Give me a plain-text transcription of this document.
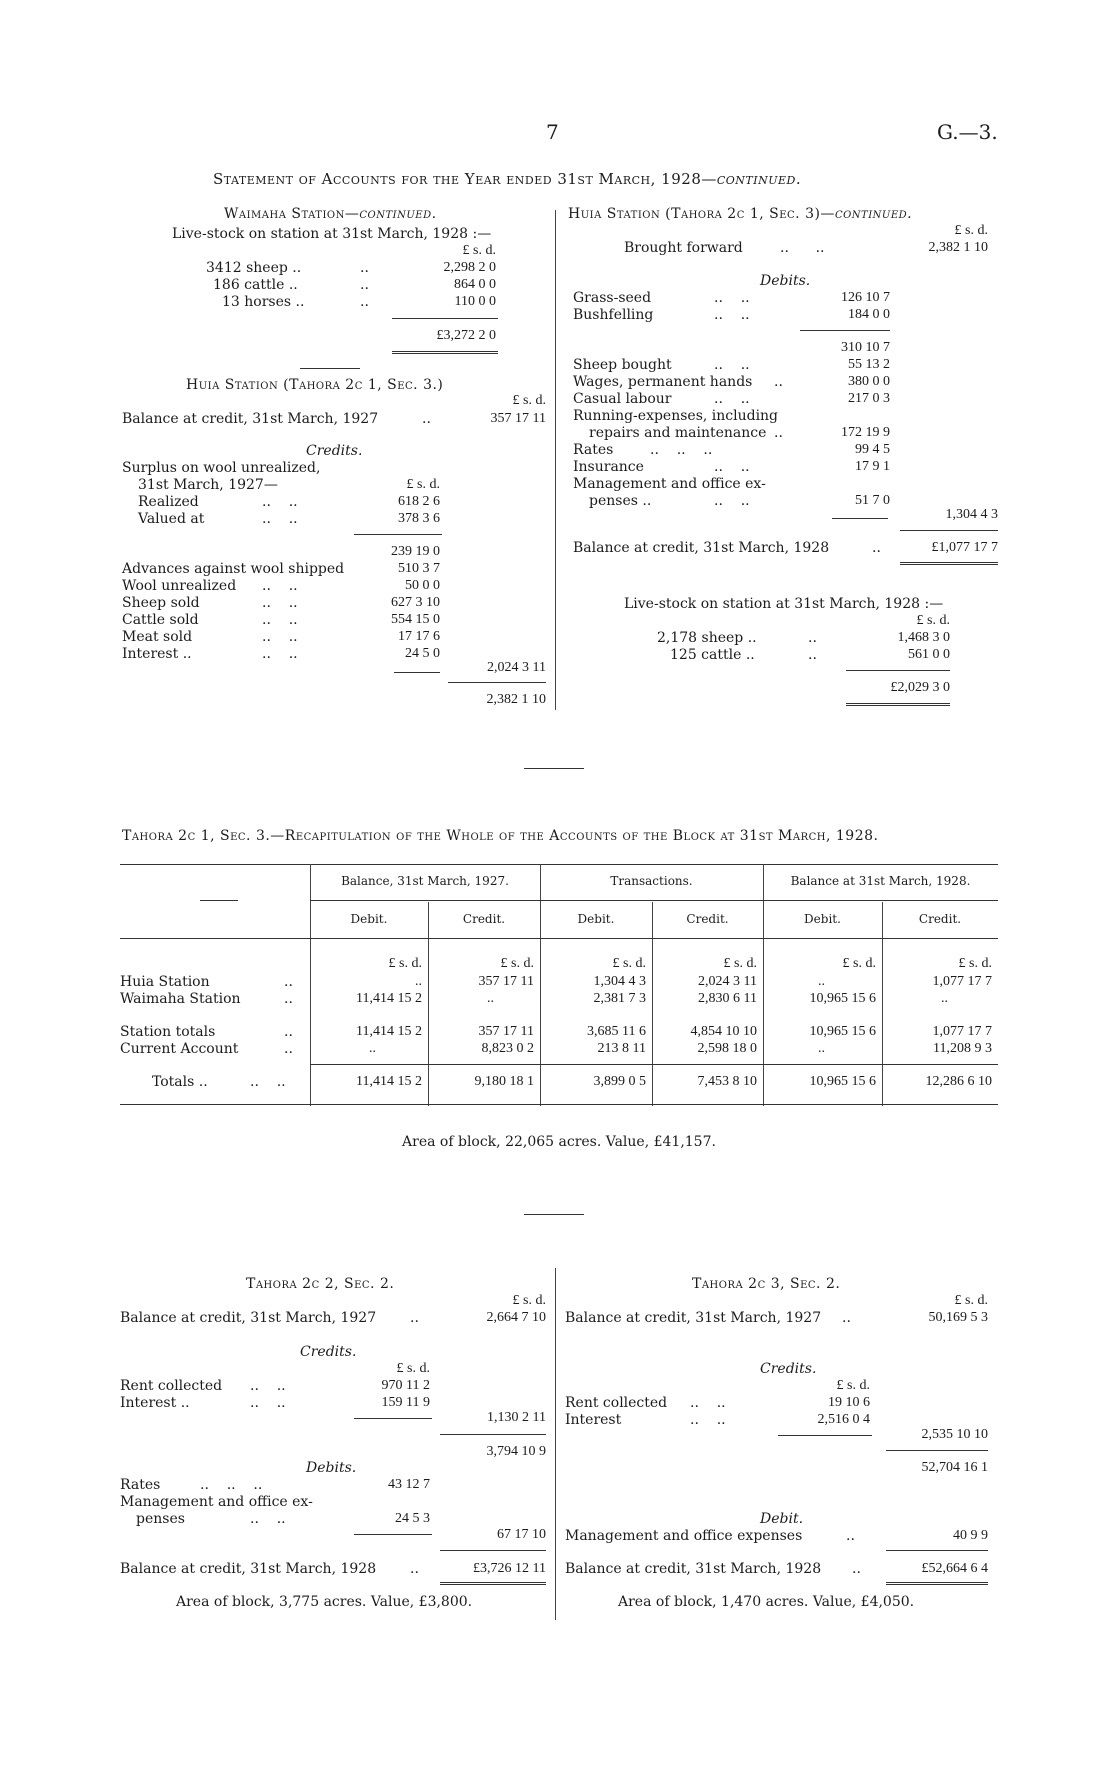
7	G.—3.
Statement of Accounts for the Year ended 31st March, 1928—continued.
Waimaha Station—continued.
Live-stock on station at 31st March, 1928 :—
£ s. d.
3412 sheep ..	..	2,298 2 0
186 cattle ..	..	864 0 0
13 horses ..	..	110 0 0
£3,272 2 0
Huia Station (Tahora 2c 1, Sec. 3.)
£ s. d.
Balance at credit, 31st March, 1927	..	357 17 11
Credits.
Surplus on wool unrealized,
31st March, 1927—	£ s. d.
Realized	..    ..	618 2 6
Valued at	..    ..	378 3 6
239 19 0
Advances against wool shipped	510 3 7
Wool unrealized ..    ..	50 0 0
Sheep sold	..    ..	627 3 10
Cattle sold	..    ..	554 15 0
Meat sold	..    ..	17 17 6
Interest ..	..    ..	24 5 0
2,024 3 11
2,382 1 10
Huia Station (Tahora 2c 1, Sec. 3)—continued.
£ s. d.
Brought forward	..      ..	2,382 1 10
Debits.
Grass-seed	..    ..	126 10 7
Bushfelling	..    ..	184 0 0
310 10 7
Sheep bought	..    ..	55 13 2
Wages, permanent hands ..	380 0 0
Casual labour	..    ..	217 0 3
Running-expenses, including
repairs and maintenance ..	172 19 9
Rates	..    ..    ..	99 4 5
Insurance	..    ..	17 9 1
Management and office ex-
penses ..	..    ..	51 7 0
1,304 4 3
Balance at credit, 31st March, 1928	..	£1,077 17 7
Live-stock on station at 31st March, 1928 :—
£ s. d.
2,178 sheep ..	..	1,468 3 0
125 cattle ..	..	561 0 0
£2,029 3 0
Tahora 2c 1, Sec. 3.—Recapitulation of the Whole of the Accounts of the Block at 31st March, 1928.
Balance, 31st March, 1927.	Transactions.	Balance at 31st March, 1928.
Debit.	Credit.	Debit.	Credit.	Debit.	Credit.
£ s. d.	£ s. d.	£ s. d.	£ s. d.	£ s. d.	£ s. d.
Huia Station	..	..	357 17 11	1,304 4 3	2,024 3 11	..	1,077 17 7
Waimaha Station	..	11,414 15 2	..	2,381 7 3	2,830 6 11	10,965 15 6	..
Station totals	..	11,414 15 2	357 17 11	3,685 11 6	4,854 10 10	10,965 15 6	1,077 17 7
Current Account	..	..	8,823 0 2	213 8 11	2,598 18 0	..	11,208 9 3
Totals ..	..    ..	11,414 15 2	9,180 18 1	3,899 0 5	7,453 8 10	10,965 15 6	12,286 6 10
Area of block, 22,065 acres. Value, £41,157.
Tahora 2c 2, Sec. 2.
£ s. d.
Balance at credit, 31st March, 1927 ..	2,664 7 10
Credits.
£ s. d.
Rent collected ..    ..	970 11 2
Interest ..	..    ..	159 11 9
1,130 2 11
3,794 10 9
Debits.
Rates	..    ..    ..	43 12 7
Management and office ex-
penses	..    ..	24 5 3
67 17 10
Balance at credit, 31st March, 1928 ..	£3,726 12 11
Area of block, 3,775 acres. Value, £3,800.
Tahora 2c 3, Sec. 2.
£ s. d.
Balance at credit, 31st March, 1927 ..	50,169 5 3
Credits.
£ s. d.
Rent collected ..    ..	19 10 6
Interest	..    ..	2,516 0 4
2,535 10 10
52,704 16 1
Debit.
Management and office expenses	..	40 9 9
Balance at credit, 31st March, 1928 ..	£52,664 6 4
Area of block, 1,470 acres. Value, £4,050.
